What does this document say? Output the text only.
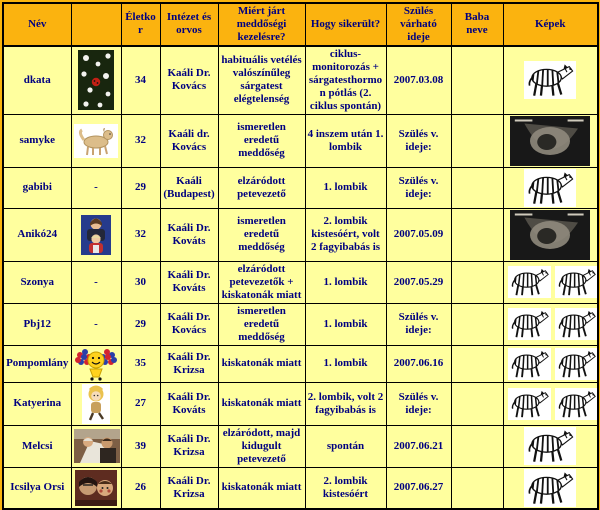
Név		Életkor	Intézet és orvos	Miért járt meddőségi kezelésre?	Hogy sikerült?	Szülés várható ideje	Baba neve	Képek
dkata		34	Kaáli Dr. Kovács	habituális vetélés valószínűleg sárgatest elégtelenség	ciklus-monitorozás + sárgatesthormon pótlás (2. ciklus spontán)	2007.03.08		
samyke		32	Kaáli dr. Kovács	ismeretlen eredetű meddőség	4 inszem után 1. lombik	Szülés v. ideje:		
gabibi	-	29	Kaáli (Budapest)	elzáródott petevezető	1. lombik	Szülés v. ideje:		
Anikó24		32	Kaáli Dr. Kováts	ismeretlen eredetű meddőség	2. lombik kistesóért, volt 2 fagyibabás is	2007.05.09		
Szonya	-	30	Kaáli Dr. Kováts	elzáródott petevezetők + kiskatonák miatt	1. lombik	2007.05.29		
Pbj12	-	29	Kaáli Dr. Kovács	ismeretlen eredetű meddőség	1. lombik	Szülés v. ideje:		
Pompomlány		35	Kaáli Dr. Krizsa	kiskatonák miatt	1. lombik	2007.06.16		
Katyerina		27	Kaáli Dr. Kováts	kiskatonák miatt	2. lombik, volt 2 fagyibabás is	Szülés v. ideje:		
Melcsi		39	Kaáli Dr. Krizsa	elzáródott, majd kidugult petevezető	spontán	2007.06.21		
Icsilya Orsi		26	Kaáli Dr. Krizsa	kiskatonák miatt	2. lombik kistesóért	2007.06.27		
